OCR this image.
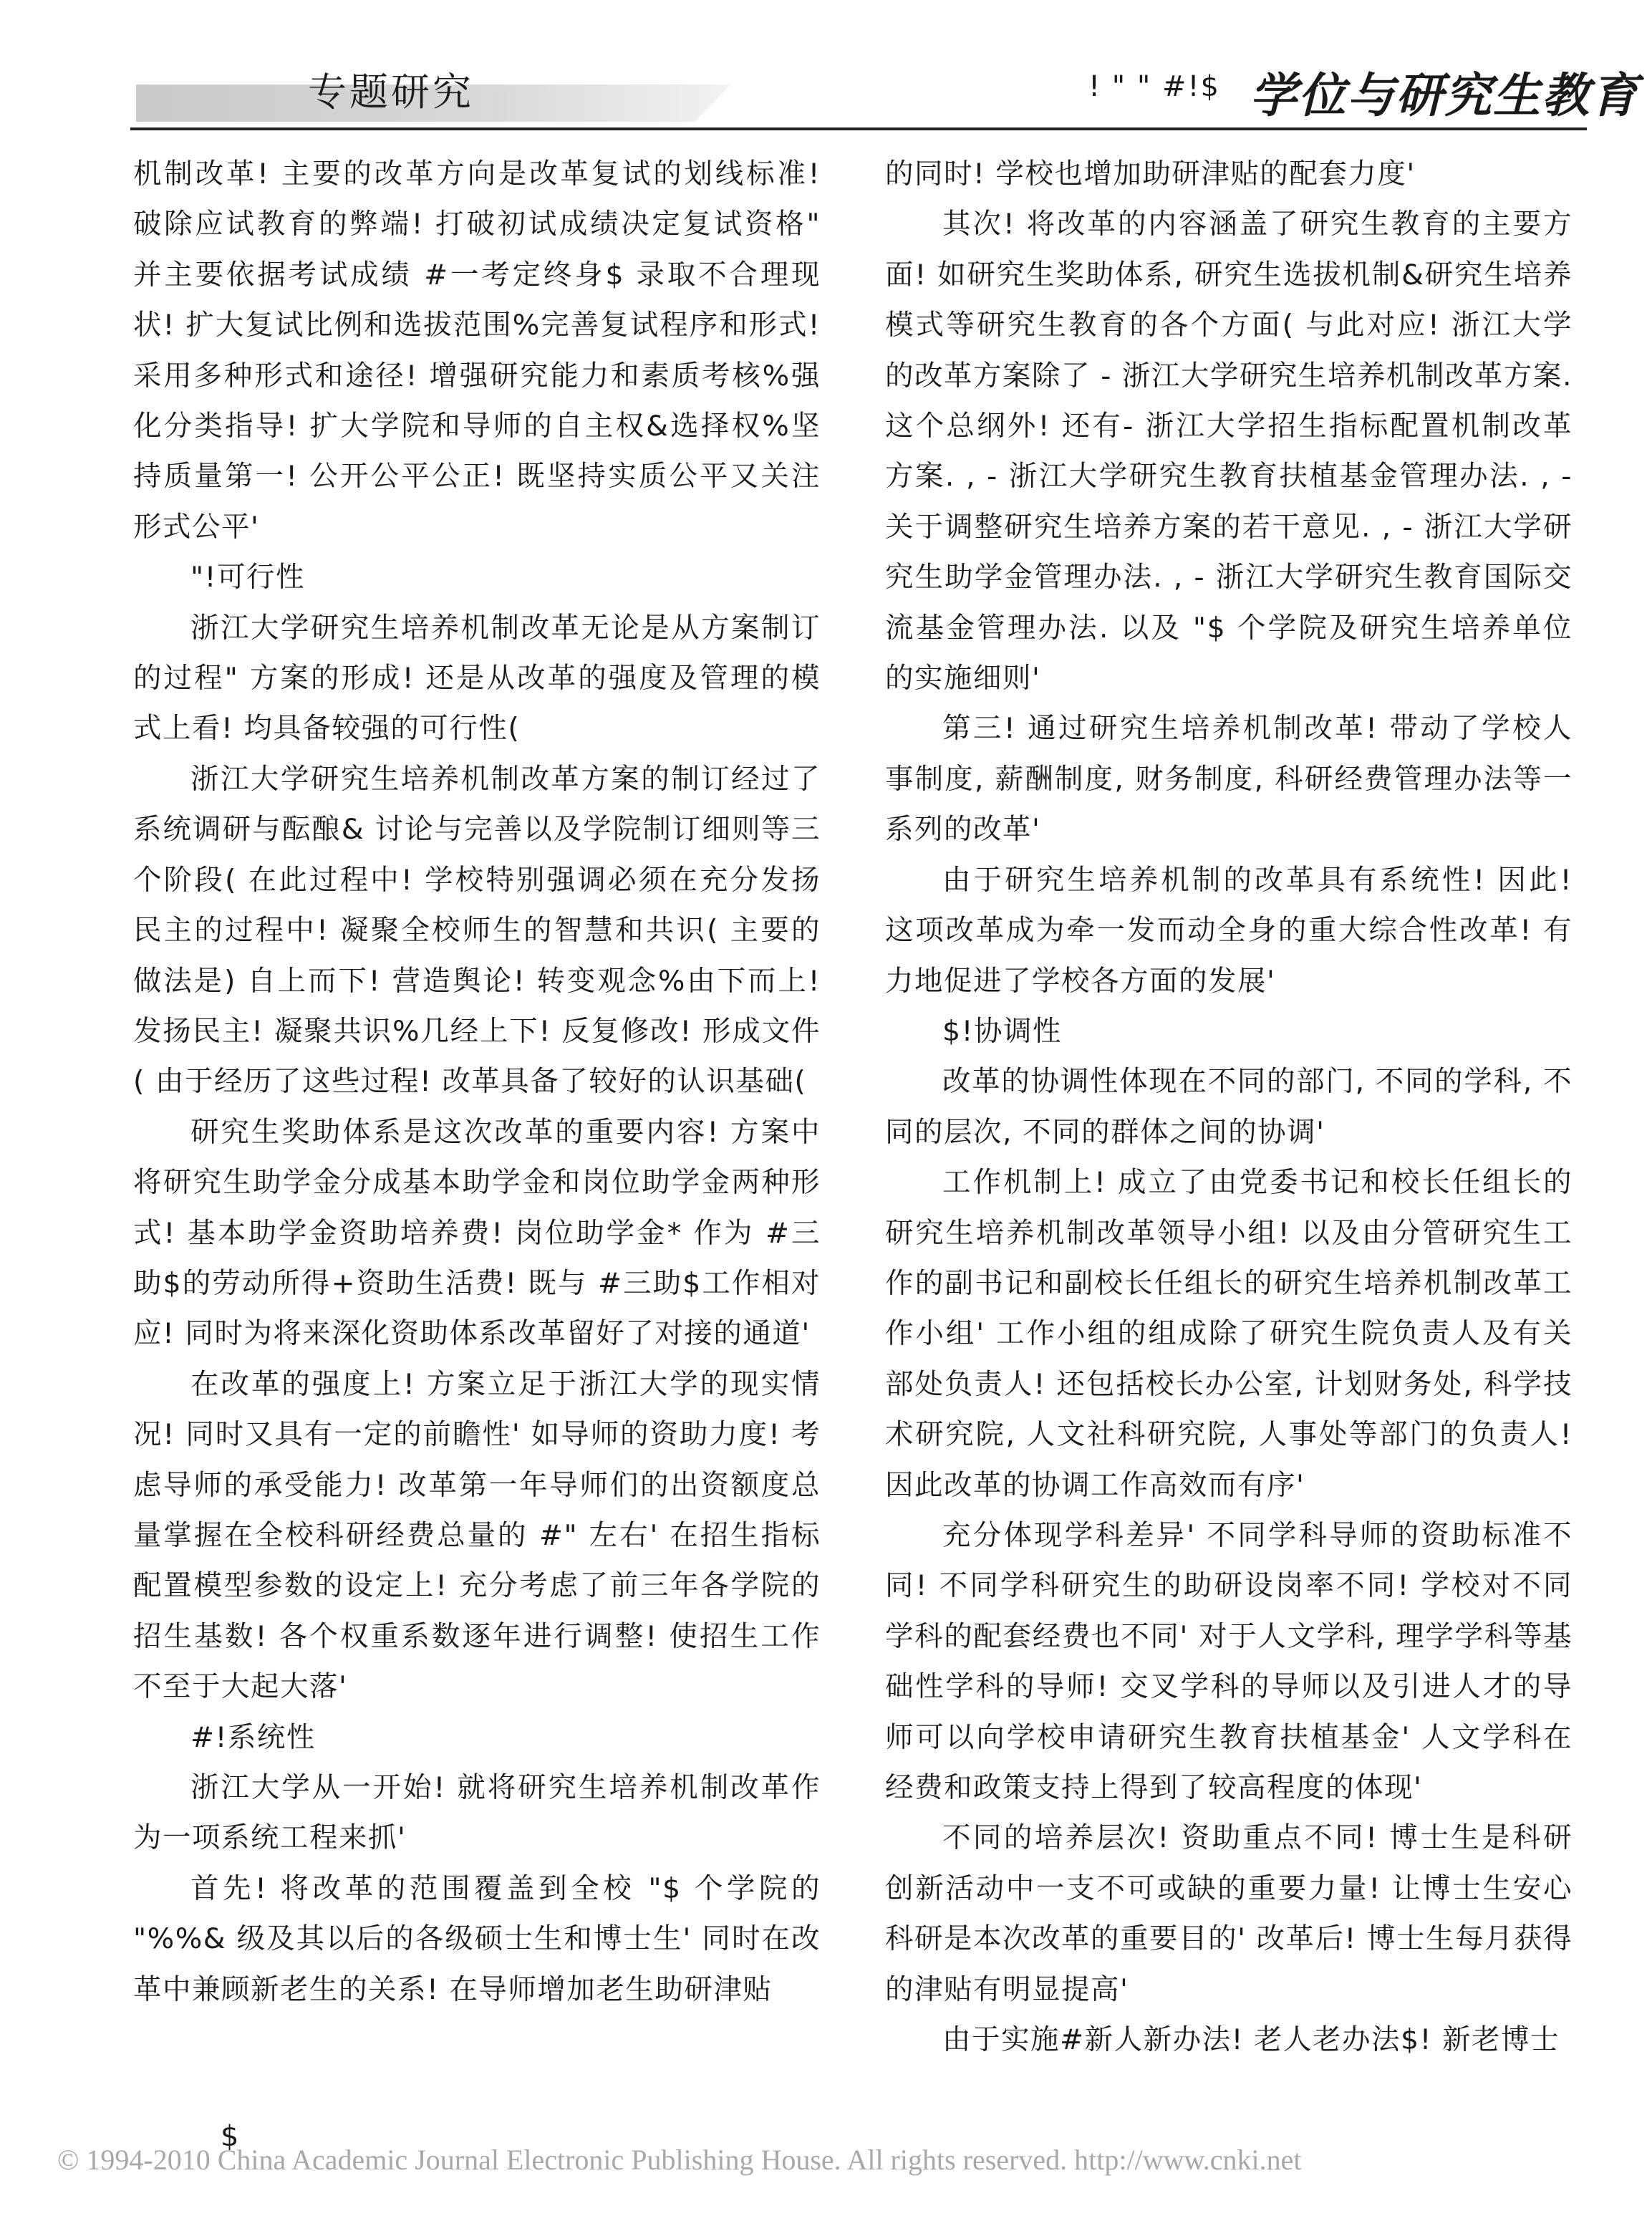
专题研究	! " " #!$ 学位与研究生教育

机制改革! 主要的改革方向是改革复试的划线标准! 破除应试教育的弊端! 打破初试成绩决定复试资格" 并主要依据考试成绩 #一考定终身$ 录取不合理现状! 扩大复试比例和选拔范围%完善复试程序和形式! 采用多种形式和途径! 增强研究能力和素质考核%强化分类指导! 扩大学院和导师的自主权&选择权%坚持质量第一! 公开公平公正! 既坚持实质公平又关注形式公平'

"!可行性

浙江大学研究生培养机制改革无论是从方案制订的过程" 方案的形成! 还是从改革的强度及管理的模式上看! 均具备较强的可行性(

浙江大学研究生培养机制改革方案的制订经过了系统调研与酝酿& 讨论与完善以及学院制订细则等三个阶段( 在此过程中! 学校特别强调必须在充分发扬民主的过程中! 凝聚全校师生的智慧和共识( 主要的做法是) 自上而下! 营造舆论! 转变观念%由下而上! 发扬民主! 凝聚共识%几经上下! 反复修改! 形成文件( 由于经历了这些过程! 改革具备了较好的认识基础(

研究生奖助体系是这次改革的重要内容! 方案中将研究生助学金分成基本助学金和岗位助学金两种形式! 基本助学金资助培养费! 岗位助学金* 作为 #三助$的劳动所得+资助生活费! 既与 #三助$工作相对应! 同时为将来深化资助体系改革留好了对接的通道'

在改革的强度上! 方案立足于浙江大学的现实情况! 同时又具有一定的前瞻性' 如导师的资助力度! 考虑导师的承受能力! 改革第一年导师们的出资额度总量掌握在全校科研经费总量的 #" 左右' 在招生指标配置模型参数的设定上! 充分考虑了前三年各学院的招生基数! 各个权重系数逐年进行调整! 使招生工作不至于大起大落'

#!系统性

浙江大学从一开始! 就将研究生培养机制改革作为一项系统工程来抓'

首先! 将改革的范围覆盖到全校 "$ 个学院的 "%%& 级及其以后的各级硕士生和博士生' 同时在改革中兼顾新老生的关系! 在导师增加老生助研津贴

的同时! 学校也增加助研津贴的配套力度'

其次! 将改革的内容涵盖了研究生教育的主要方面! 如研究生奖助体系, 研究生选拔机制&研究生培养模式等研究生教育的各个方面( 与此对应! 浙江大学的改革方案除了 - 浙江大学研究生培养机制改革方案. 这个总纲外! 还有- 浙江大学招生指标配置机制改革方案. , - 浙江大学研究生教育扶植基金管理办法. , - 关于调整研究生培养方案的若干意见. , - 浙江大学研究生助学金管理办法. , - 浙江大学研究生教育国际交流基金管理办法. 以及 "$ 个学院及研究生培养单位的实施细则'

第三! 通过研究生培养机制改革! 带动了学校人事制度, 薪酬制度, 财务制度, 科研经费管理办法等一系列的改革'

由于研究生培养机制的改革具有系统性! 因此! 这项改革成为牵一发而动全身的重大综合性改革! 有力地促进了学校各方面的发展'

$!协调性

改革的协调性体现在不同的部门, 不同的学科, 不同的层次, 不同的群体之间的协调'

工作机制上! 成立了由党委书记和校长任组长的研究生培养机制改革领导小组! 以及由分管研究生工作的副书记和副校长任组长的研究生培养机制改革工作小组' 工作小组的组成除了研究生院负责人及有关部处负责人! 还包括校长办公室, 计划财务处, 科学技术研究院, 人文社科研究院, 人事处等部门的负责人! 因此改革的协调工作高效而有序'

充分体现学科差异' 不同学科导师的资助标准不同! 不同学科研究生的助研设岗率不同! 学校对不同学科的配套经费也不同' 对于人文学科, 理学学科等基础性学科的导师! 交叉学科的导师以及引进人才的导师可以向学校申请研究生教育扶植基金' 人文学科在经费和政策支持上得到了较高程度的体现'

不同的培养层次! 资助重点不同! 博士生是科研创新活动中一支不可或缺的重要力量! 让博士生安心科研是本次改革的重要目的' 改革后! 博士生每月获得的津贴有明显提高'

由于实施#新人新办法! 老人老办法$! 新老博士

$
© 1994-2010 China Academic Journal Electronic Publishing House. All rights reserved. http://www.cnki.net
